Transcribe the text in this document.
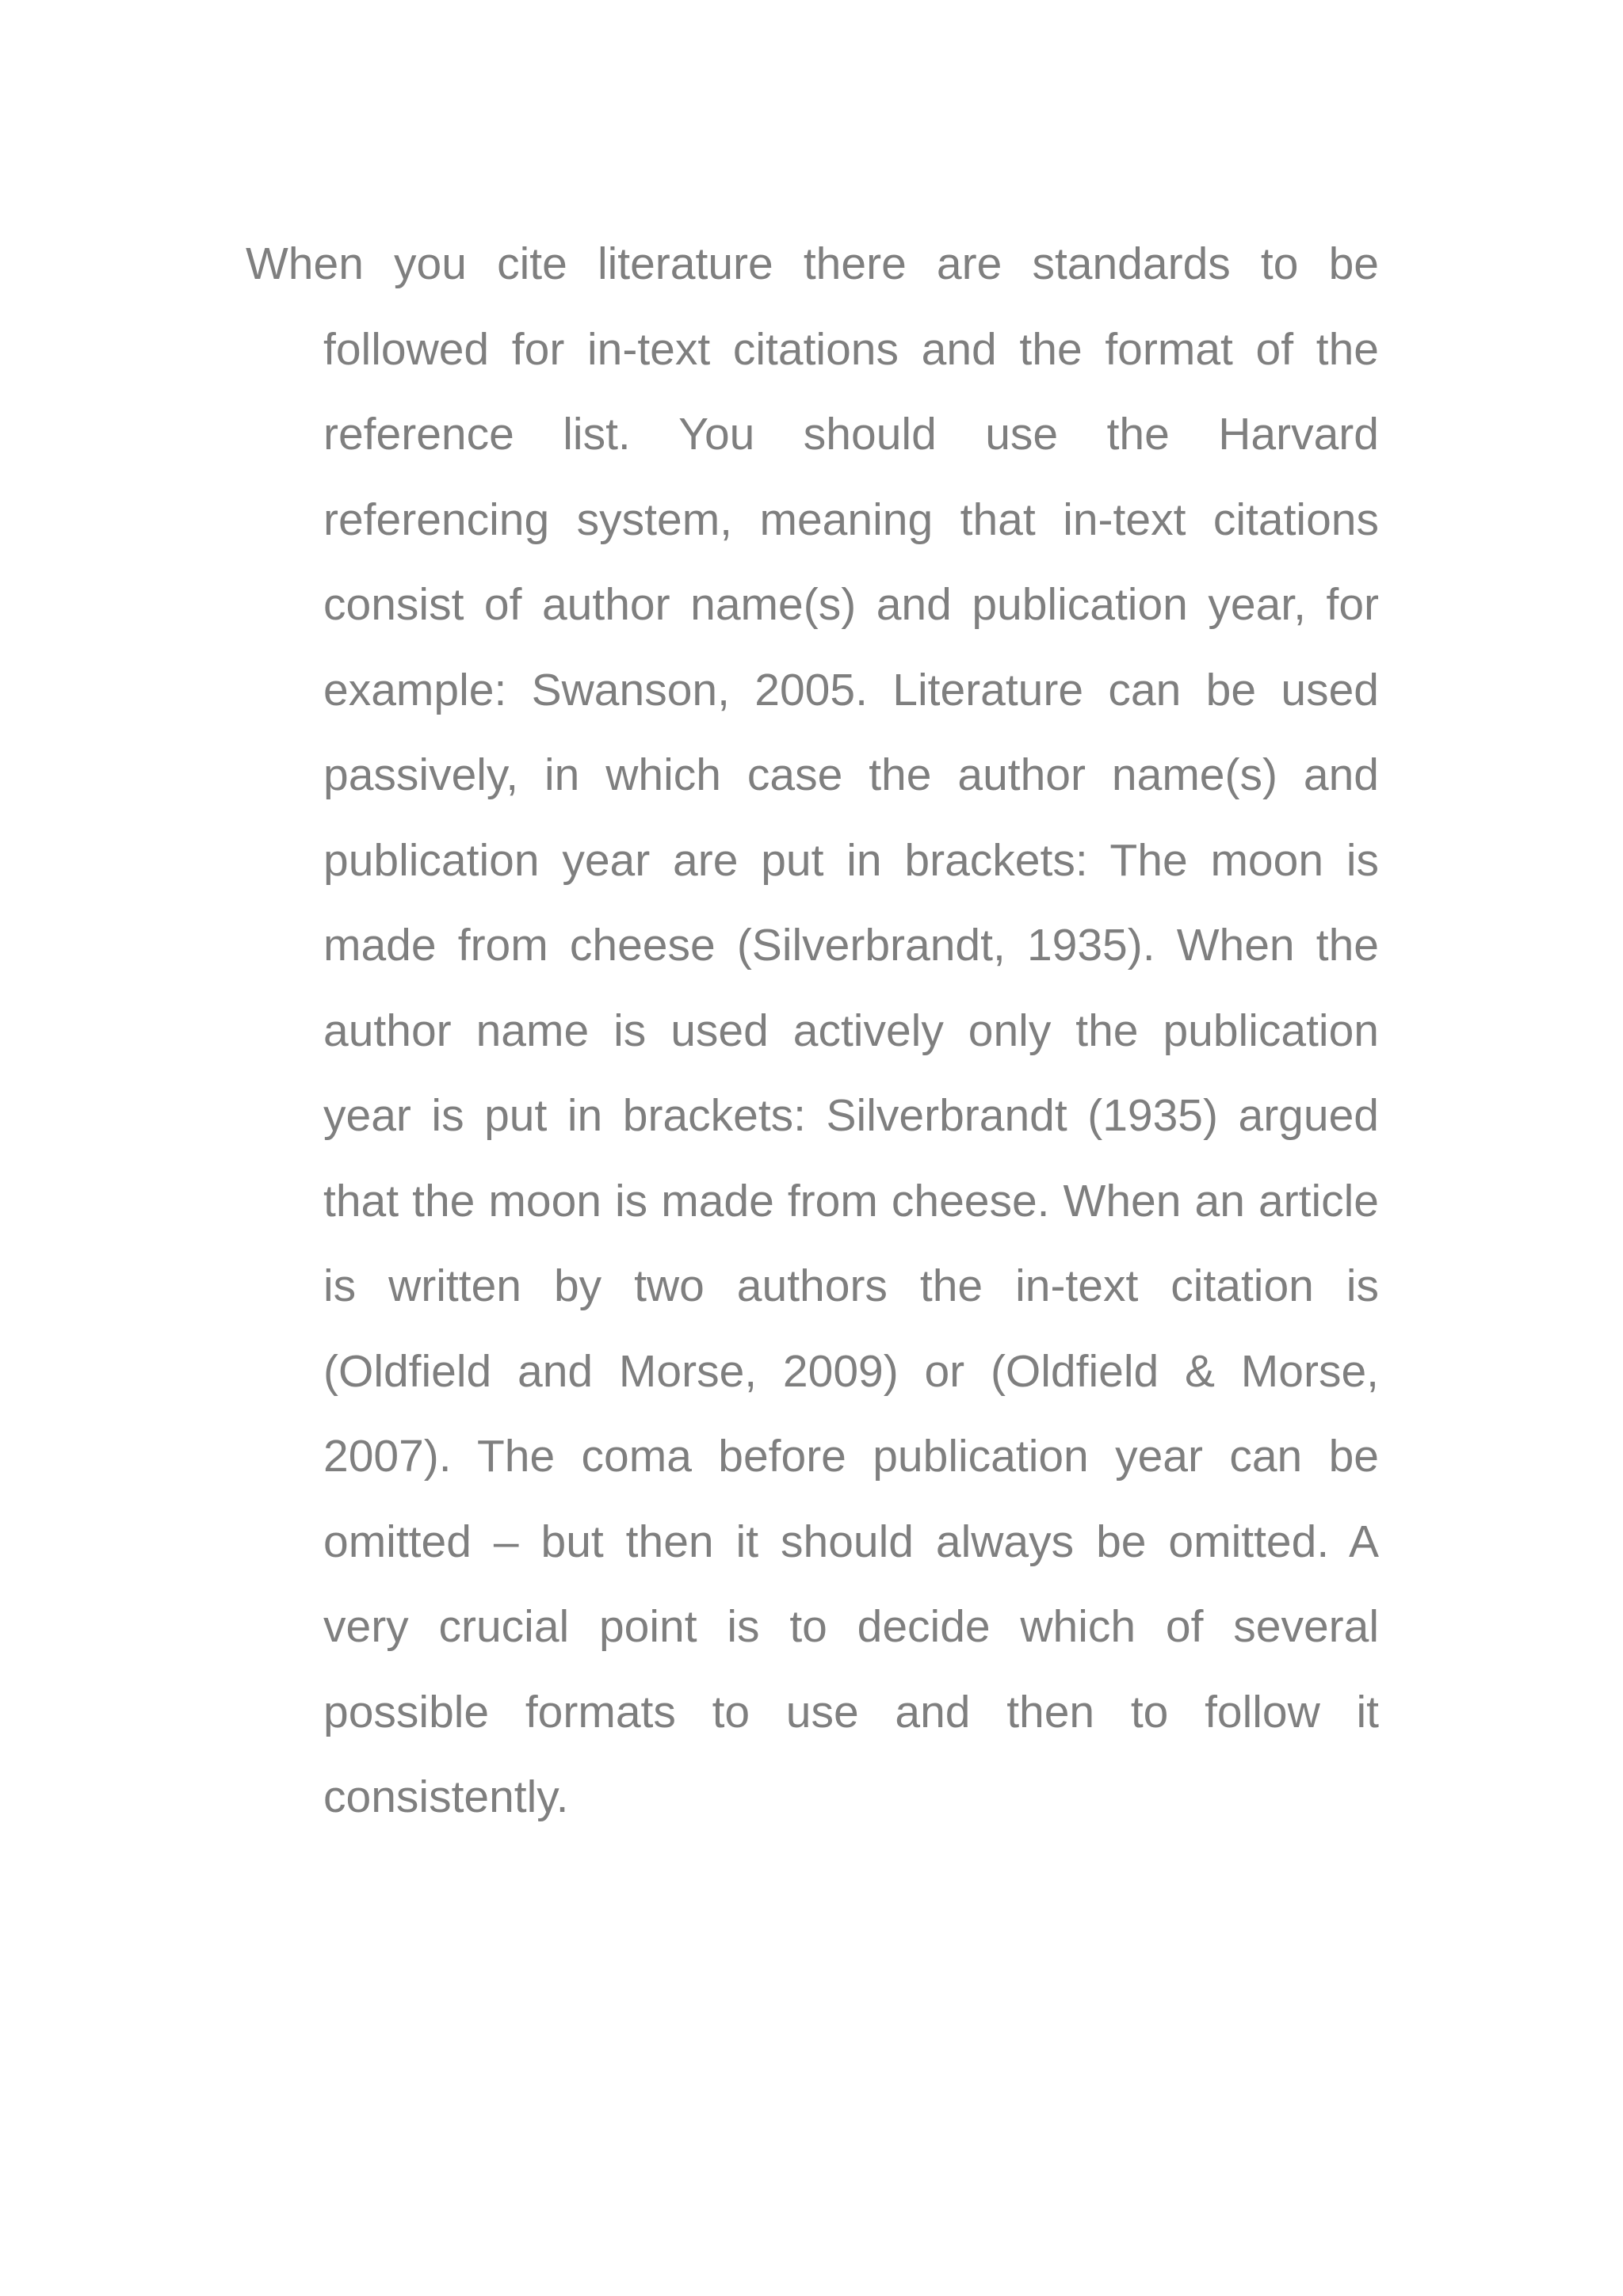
When you cite literature there are standards to be followed for in-text citations and the format of the reference list. You should use the Harvard referencing system, meaning that in-text citations consist of author name(s) and publication year, for example: Swanson, 2005. Literature can be used passively, in which case the author name(s) and publication year are put in brackets: The moon is made from cheese (Silverbrandt, 1935). When the author name is used actively only the publication year is put in brackets: Silverbrandt (1935) argued that the moon is made from cheese. When an article is written by two authors the in-text citation is (Oldfield and Morse, 2009) or (Oldfield & Morse, 2007). The coma before publication year can be omitted – but then it should always be omitted. A very crucial point is to decide which of several possible formats to use and then to follow it consistently.
